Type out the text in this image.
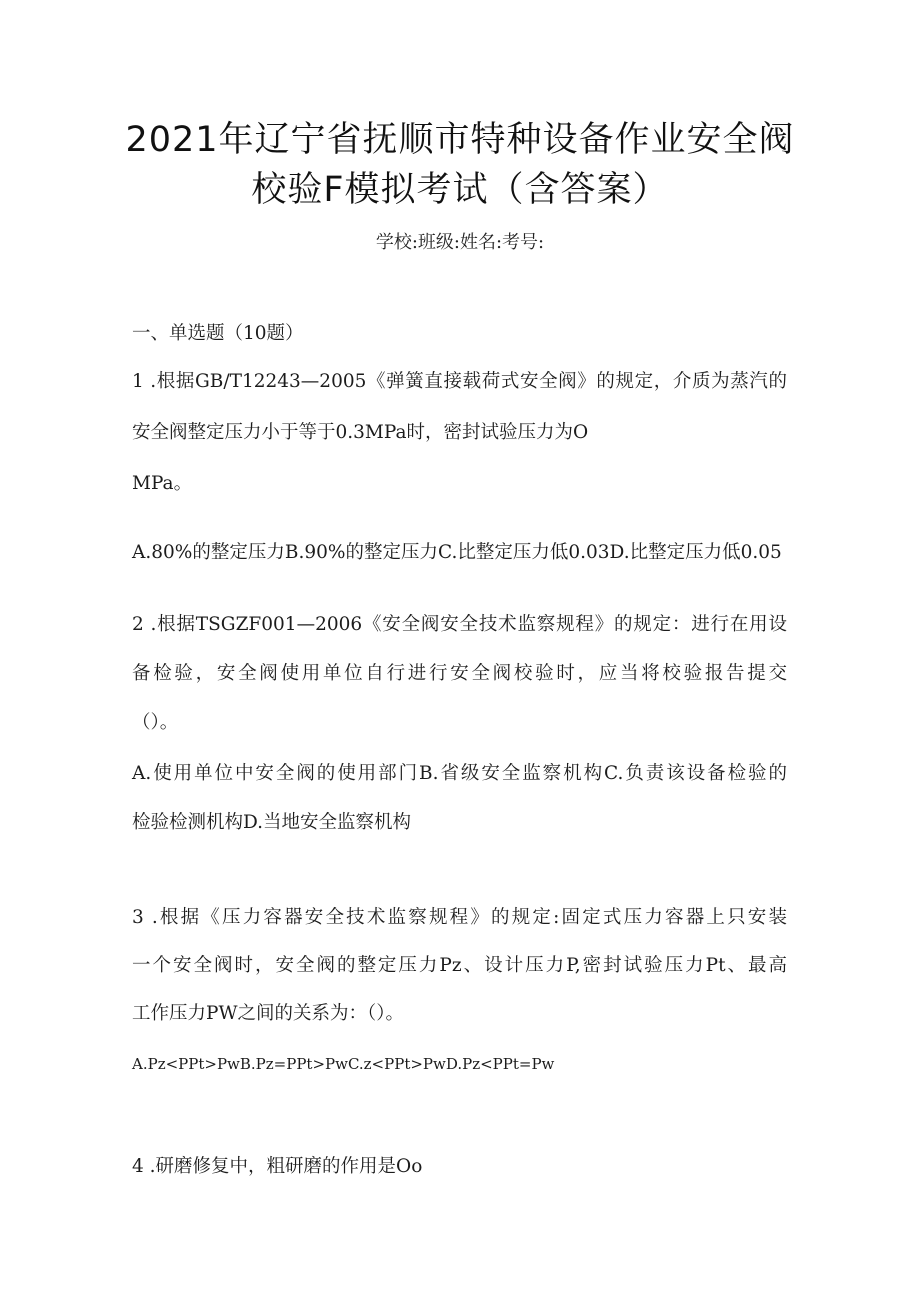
2021年辽宁省抚顺市特种设备作业安全阀
校验F模拟考试（含答案）
学校:班级:姓名:考号:
一、单选题（10题）
1 .根据GB/T12243—2005《弹簧直接载荷式安全阀》的规定，介质为蒸汽的
安全阀整定压力小于等于0.3MPa时，密封试验压力为O
MPa。
A.80%的整定压力B.90%的整定压力C.比整定压力低0.03D.比整定压力低0.05
2 .根据TSGZF001—2006《安全阀安全技术监察规程》的规定：进行在用设
备检验，安全阀使用单位自行进行安全阀校验时，应当将校验报告提交
（）。
A.使用单位中安全阀的使用部门B.省级安全监察机构C.负责该设备检验的
检验检测机构D.当地安全监察机构
3 .根据《压力容器安全技术监察规程》的规定:固定式压力容器上只安装
一个安全阀时，安全阀的整定压力Pz、设计压力P,密封试验压力Pt、最高
工作压力PW之间的关系为：（）。
A.Pz<PPt>PwB.Pz=PPt>PwC.z<PPt>PwD.Pz<PPt=Pw
4 .研磨修复中，粗研磨的作用是Oo
